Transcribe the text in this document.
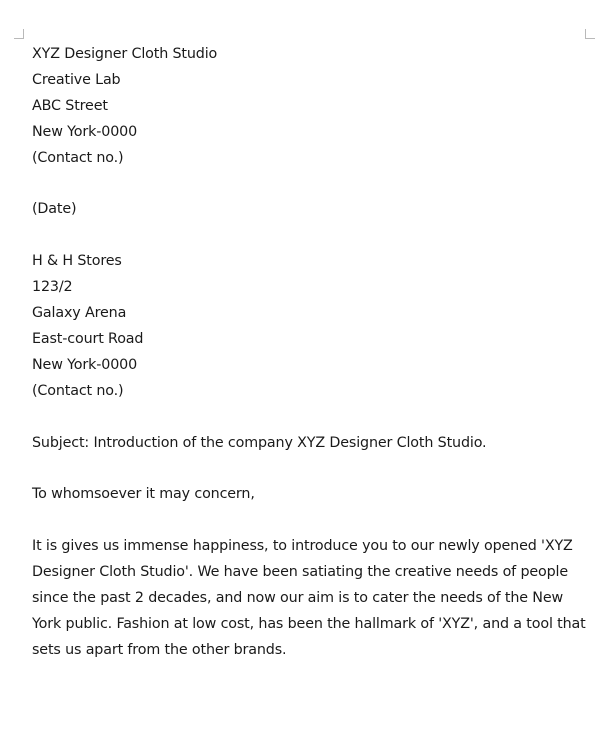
XYZ Designer Cloth Studio
Creative Lab
ABC Street
New York-0000
(Contact no.)
(Date)
H & H Stores
123/2
Galaxy Arena
East-court Road
New York-0000
(Contact no.)
Subject: Introduction of the company XYZ Designer Cloth Studio.
To whomsoever it may concern,
It is gives us immense happiness, to introduce you to our newly opened 'XYZ
Designer Cloth Studio'. We have been satiating the creative needs of people
since the past 2 decades, and now our aim is to cater the needs of the New
York public. Fashion at low cost, has been the hallmark of 'XYZ', and a tool that
sets us apart from the other brands.
